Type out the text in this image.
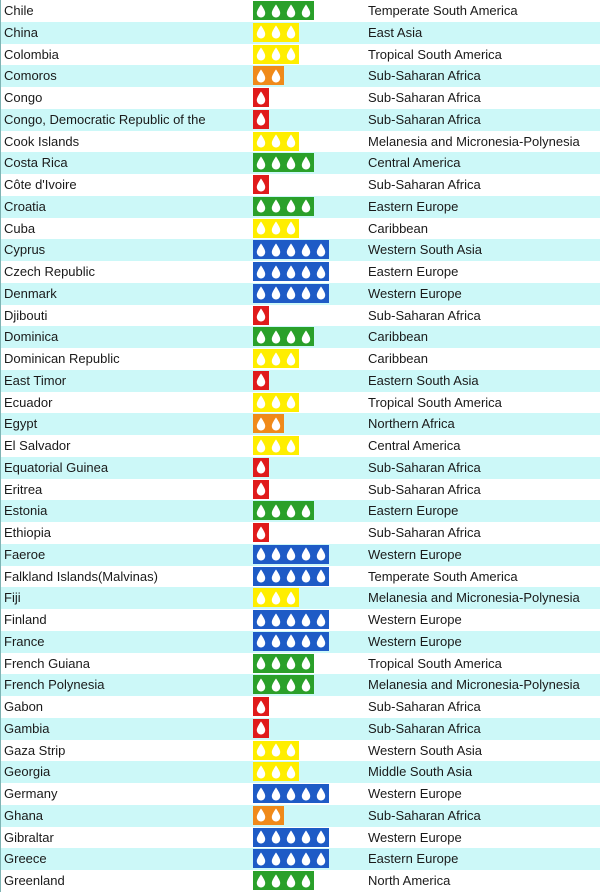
Chile	Temperate South America
China	East Asia
Colombia	Tropical South America
Comoros	Sub-Saharan Africa
Congo	Sub-Saharan Africa
Congo, Democratic Republic of the	Sub-Saharan Africa
Cook Islands	Melanesia and Micronesia-Polynesia
Costa Rica	Central America
Côte d'Ivoire	Sub-Saharan Africa
Croatia	Eastern Europe
Cuba	Caribbean
Cyprus	Western South Asia
Czech Republic	Eastern Europe
Denmark	Western Europe
Djibouti	Sub-Saharan Africa
Dominica	Caribbean
Dominican Republic	Caribbean
East Timor	Eastern South Asia
Ecuador	Tropical South America
Egypt	Northern Africa
El Salvador	Central America
Equatorial Guinea	Sub-Saharan Africa
Eritrea	Sub-Saharan Africa
Estonia	Eastern Europe
Ethiopia	Sub-Saharan Africa
Faeroe	Western Europe
Falkland Islands(Malvinas)	Temperate South America
Fiji	Melanesia and Micronesia-Polynesia
Finland	Western Europe
France	Western Europe
French Guiana	Tropical South America
French Polynesia	Melanesia and Micronesia-Polynesia
Gabon	Sub-Saharan Africa
Gambia	Sub-Saharan Africa
Gaza Strip	Western South Asia
Georgia	Middle South Asia
Germany	Western Europe
Ghana	Sub-Saharan Africa
Gibraltar	Western Europe
Greece	Eastern Europe
Greenland	North America
